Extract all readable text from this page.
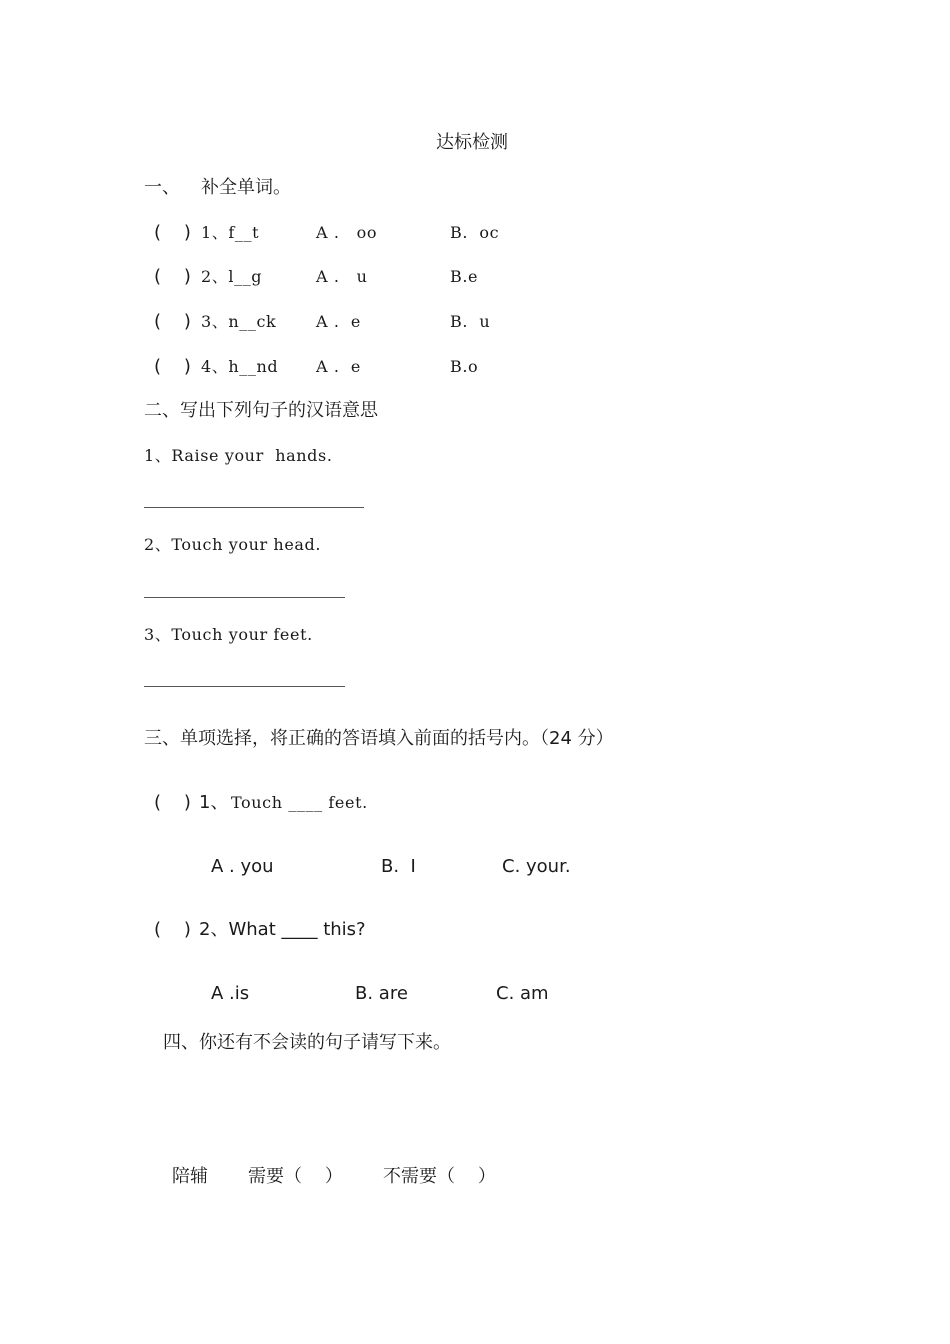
达标检测
一、 补全单词。
(    ) 1、f__t	A .   oo	B.  oc
(    ) 2、l__g	A .   u	B.e
(    ) 3、n__ck A .  e	B.  u
(    ) 4、h__nd A .  e	B.o
二、写出下列句子的汉语意思
1、Raise your  hands.
2、Touch your head.
3、Touch your feet.
三、单项选择，将正确的答语填入前面的括号内。（24 分）
(    ) 1、 Touch ____ feet.
A . you	B.  I	C. your.
(    ) 2、What ____ this?
A .is	B. are	C. am
四、你还有不会读的句子请写下来。
陪辅 需要（    ） 不需要（    ）
